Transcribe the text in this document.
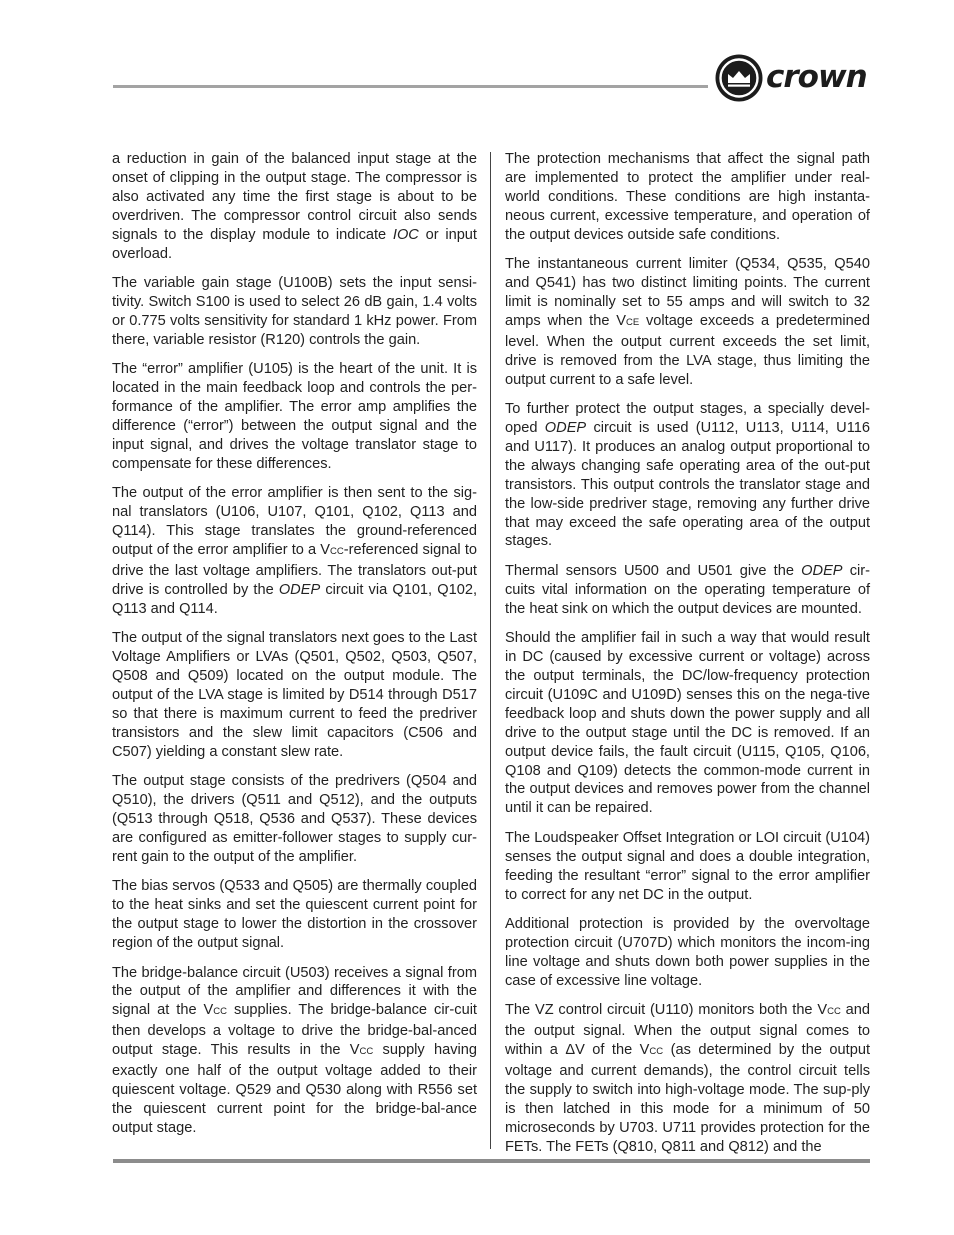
crown

a reduction in gain of the balanced input stage at the onset of clipping in the output stage. The compressor is also activated any time the first stage is about to be overdriven. The compressor control circuit also sends signals to the display module to indicate IOC or input overload.

The variable gain stage (U100B) sets the input sensi-tivity. Switch S100 is used to select 26 dB gain, 1.4 volts or 0.775 volts sensitivity for standard 1 kHz power. From there, variable resistor (R120) controls the gain.

The “error” amplifier (U105) is the heart of the unit. It is located in the main feedback loop and controls the per-formance of the amplifier. The error amp amplifies the difference (“error”) between the output signal and the input signal, and drives the voltage translator stage to compensate for these differences.

The output of the error amplifier is then sent to the sig-nal translators (U106, U107, Q101, Q102, Q113 and Q114). This stage translates the ground-referenced output of the error amplifier to a VCC-referenced signal to drive the last voltage amplifiers. The translators out-put drive is controlled by the ODEP circuit via Q101, Q102, Q113 and Q114.

The output of the signal translators next goes to the Last Voltage Amplifiers or LVAs (Q501, Q502, Q503, Q507, Q508 and Q509) located on the output module. The output of the LVA stage is limited by D514 through D517 so that there is maximum current to feed the predriver transistors and the slew limit capacitors (C506 and C507) yielding a constant slew rate.

The output stage consists of the predrivers (Q504 and Q510), the drivers (Q511 and Q512), and the outputs (Q513 through Q518, Q536 and Q537). These devices are configured as emitter-follower stages to supply cur-rent gain to the output of the amplifier.

The bias servos (Q533 and Q505) are thermally coupled to the heat sinks and set the quiescent current point for the output stage to lower the distortion in the crossover region of the output signal.

The bridge-balance circuit (U503) receives a signal from the output of the amplifier and differences it with the signal at the VCC supplies. The bridge-balance cir-cuit then develops a voltage to drive the bridge-bal-anced output stage. This results in the VCC supply having exactly one half of the output voltage added to their quiescent voltage. Q529 and Q530 along with R556 set the quiescent current point for the bridge-bal-ance output stage.

The protection mechanisms that affect the signal path are implemented to protect the amplifier under real-world conditions. These conditions are high instanta-neous current, excessive temperature, and operation of the output devices outside safe conditions.

The instantaneous current limiter (Q534, Q535, Q540 and Q541) has two distinct limiting points. The current limit is nominally set to 55 amps and will switch to 32 amps when the VCE voltage exceeds a predetermined level. When the output current exceeds the set limit, drive is removed from the LVA stage, thus limiting the output current to a safe level.

To further protect the output stages, a specially devel-oped ODEP circuit is used (U112, U113, U114, U116 and U117). It produces an analog output proportional to the always changing safe operating area of the out-put transistors. This output controls the translator stage and the low-side predriver stage, removing any further drive that may exceed the safe operating area of the output stages.

Thermal sensors U500 and U501 give the ODEP cir-cuits vital information on the operating temperature of the heat sink on which the output devices are mounted.

Should the amplifier fail in such a way that would result in DC (caused by excessive current or voltage) across the output terminals, the DC/low-frequency protection circuit (U109C and U109D) senses this on the nega-tive feedback loop and shuts down the power supply and all drive to the output stage until the DC is removed. If an output device fails, the fault circuit (U115, Q105, Q106, Q108 and Q109) detects the common-mode current in the output devices and removes power from the channel until it can be repaired.

The Loudspeaker Offset Integration or LOI circuit (U104) senses the output signal and does a double integration, feeding the resultant “error” signal to the error amplifier to correct for any net DC in the output.

Additional protection is provided by the overvoltage protection circuit (U707D) which monitors the incom-ing line voltage and shuts down both power supplies in the case of excessive line voltage.

The VZ control circuit (U110) monitors both the VCC and the output signal. When the output signal comes to within a ΔV of the VCC (as determined by the output voltage and current demands), the control circuit tells the supply to switch into high-voltage mode. The sup-ply is then latched in this mode for a minimum of 50 microseconds by U703. U711 provides protection for the FETs. The FETs (Q810, Q811 and Q812) and the
